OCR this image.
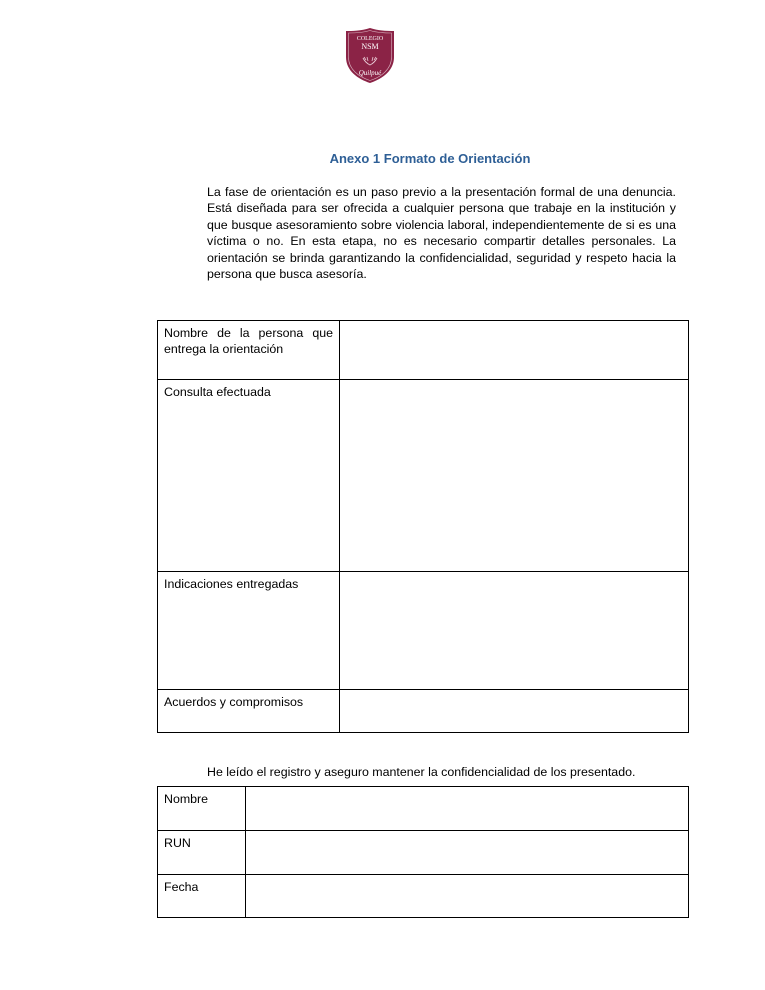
COLEGIO
NSM
Quilpué
Anexo 1 Formato de Orientación

La fase de orientación es un paso previo a la presentación formal de una denuncia. Está diseñada para ser ofrecida a cualquier persona que trabaje en la institución y que busque asesoramiento sobre violencia laboral, independientemente de si es una víctima o no. En esta etapa, no es necesario compartir detalles personales. La orientación se brinda garantizando la confidencialidad, seguridad y respeto hacia la persona que busca asesoría.

Nombre de la persona que entrega la orientación	
Consulta efectuada	
Indicaciones entregadas	
Acuerdos y compromisos	
He leído el registro y aseguro mantener la confidencialidad de los presentado.
Nombre	
RUN	
Fecha	
